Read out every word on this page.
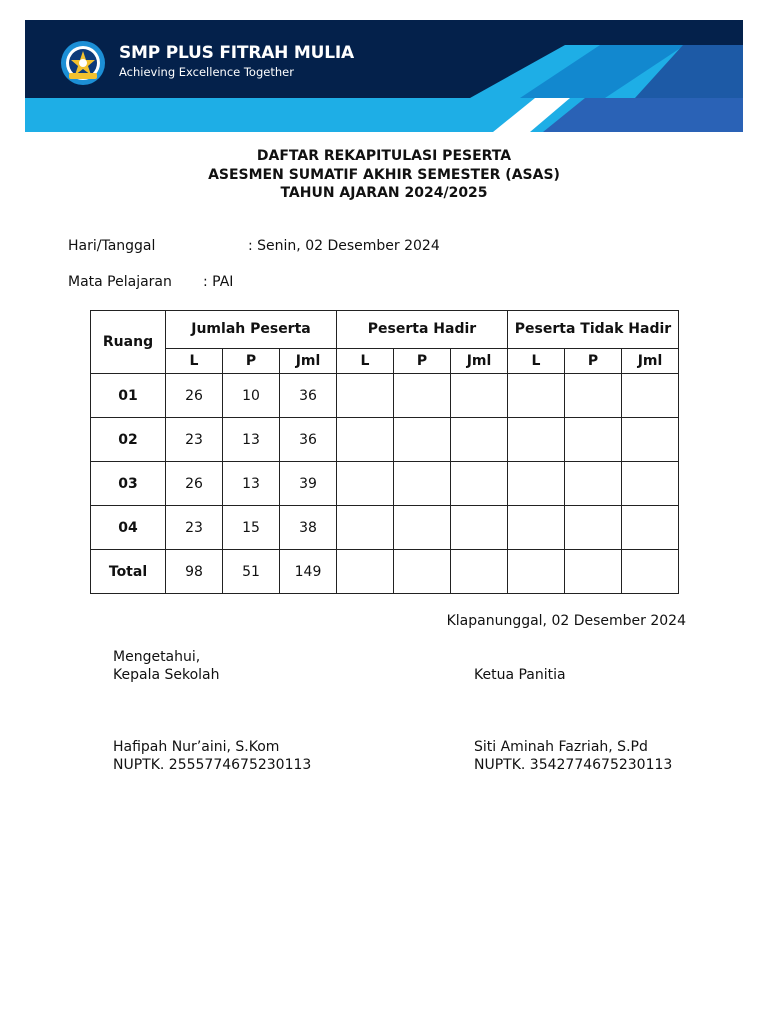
SMP PLUS FITRAH MULIA
Achieving Excellence Together
DAFTAR REKAPITULASI PESERTA
ASESMEN SUMATIF AKHIR SEMESTER (ASAS)
TAHUN AJARAN 2024/2025
Hari/Tanggal	: Senin, 02 Desember 2024
Mata Pelajaran : PAI
Ruang	Jumlah Peserta			Peserta Hadir			Peserta Tidak Hadir		
	L	P	Jml	L	P	Jml	L	P	Jml
01	26	10	36						
02	23	13	36						
03	26	13	39						
04	23	15	38						
Total	98	51	149						
Klapanunggal, 02 Desember 2024
Mengetahui,
Kepala Sekolah	Ketua Panitia
Hafipah Nur’aini, S.Kom
NUPTK. 2555774675230113
Siti Aminah Fazriah, S.Pd
NUPTK. 3542774675230113
